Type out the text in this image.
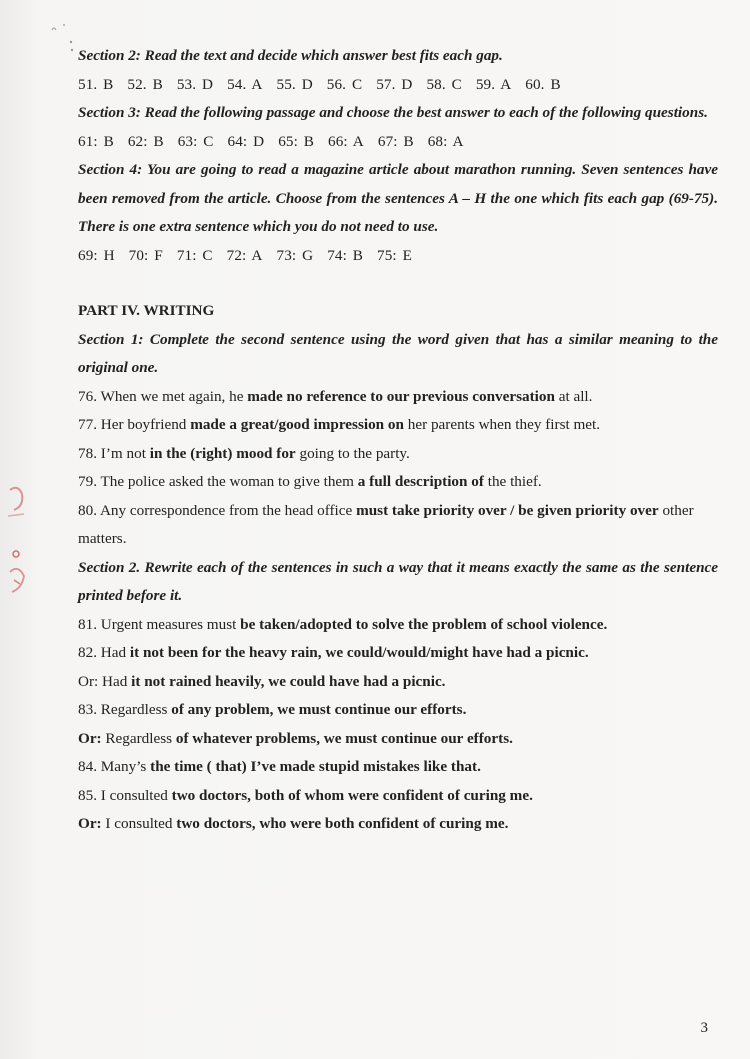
Section 2: Read the text and decide which answer best fits each gap.
51. B 52. B 53. D 54. A 55. D 56. C 57. D 58. C 59. A 60. B
Section 3: Read the following passage and choose the best answer to each of the following questions.
61: B 62: B 63: C 64: D 65: B 66: A 67: B 68: A
Section 4: You are going to read a magazine article about marathon running. Seven sentences have been removed from the article. Choose from the sentences A – H the one which fits each gap (69-75). There is one extra sentence which you do not need to use.
69: H 70: F 71: C 72: A 73: G 74: B 75: E
PART IV. WRITING
Section 1: Complete the second sentence using the word given that has a similar meaning to the original one.
76. When we met again, he made no reference to our previous conversation at all.
77. Her boyfriend made a great/good impression on her parents when they first met.
78. I’m not in the (right) mood for going to the party.
79. The police asked the woman to give them a full description of the thief.
80. Any correspondence from the head office must take priority over / be given priority over other matters.
Section 2. Rewrite each of the sentences in such a way that it means exactly the same as the sentence printed before it.
81. Urgent measures must be taken/adopted to solve the problem of school violence.
82. Had it not been for the heavy rain, we could/would/might have had a picnic.
Or: Had it not rained heavily, we could have had a picnic.
83. Regardless of any problem, we must continue our efforts.
Or: Regardless of whatever problems, we must continue our efforts.
84. Many’s the time ( that) I’ve made stupid mistakes like that.
85. I consulted two doctors, both of whom were confident of curing me.
Or: I consulted two doctors, who were both confident of curing me.
3
